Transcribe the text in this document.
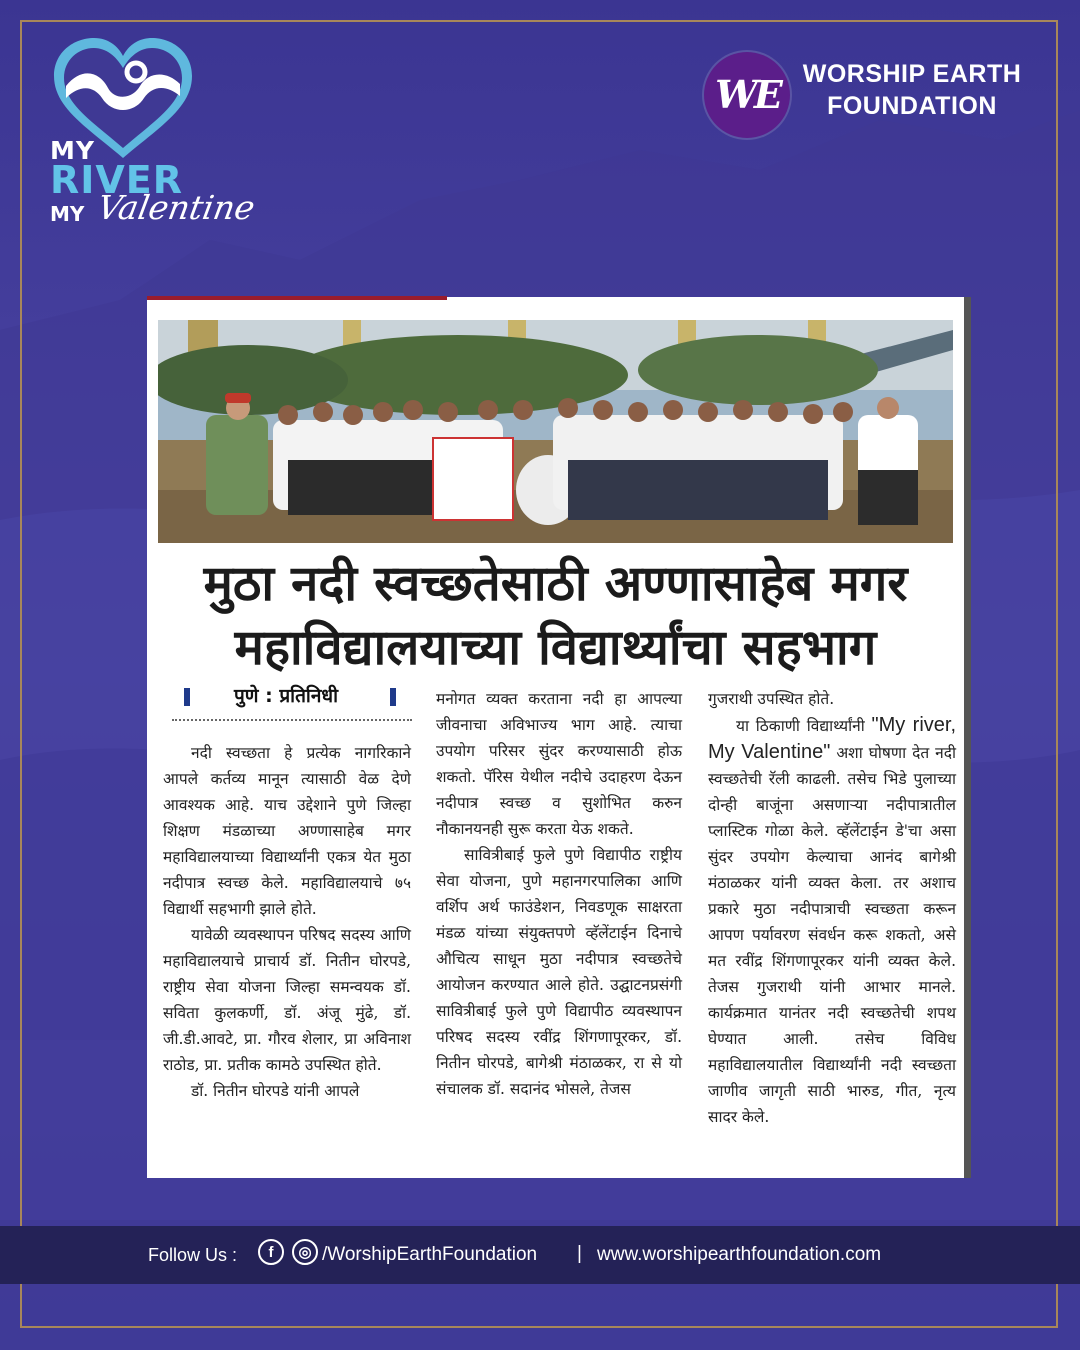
MY
RIVER
MY Valentine
WE WORSHIP EARTH
FOUNDATION
मुठा नदी स्वच्छतेसाठी अण्णासाहेब मगर
महाविद्यालयाच्या विद्यार्थ्यांचा सहभाग
पुणे : प्रतिनिधी

नदी स्वच्छता हे प्रत्येक नागरिकाने आपले कर्तव्य मानून त्यासाठी वेळ देणे आवश्यक आहे. याच उद्देशाने पुणे जिल्हा शिक्षण मंडळाच्या अण्णासाहेब मगर महाविद्यालयाच्या विद्यार्थ्यांनी एकत्र येत मुठा नदीपात्र स्वच्छ केले. महाविद्यालयाचे ७५ विद्यार्थी सहभागी झाले होते.

यावेळी व्यवस्थापन परिषद सदस्य आणि महाविद्यालयाचे प्राचार्य डॉ. नितीन घोरपडे, राष्ट्रीय सेवा योजना जिल्हा समन्वयक डॉ. सविता कुलकर्णी, डॉ. अंजू मुंढे, डॉ. जी.डी.आवटे, प्रा. गौरव शेलार, प्रा अविनाश राठोड, प्रा. प्रतीक कामठे उपस्थित होते.

डॉ. नितीन घोरपडे यांनी आपले

मनोगत व्यक्त करताना नदी हा आपल्या जीवनाचा अविभाज्य भाग आहे. त्याचा उपयोग परिसर सुंदर करण्यासाठी होऊ शकतो. पॅरिस येथील नदीचे उदाहरण देऊन नदीपात्र स्वच्छ व सुशोभित करुन नौकानयनही सुरू करता येऊ शकते.

सावित्रीबाई फुले पुणे विद्यापीठ राष्ट्रीय सेवा योजना, पुणे महानगरपालिका आणि वर्शिप अर्थ फाउंडेशन, निवडणूक साक्षरता मंडळ यांच्या संयुक्तपणे व्हॅलेंटाईन दिनाचे औचित्य साधून मुठा नदीपात्र स्वच्छतेचे आयोजन करण्यात आले होते. उद्घाटनप्रसंगी सावित्रीबाई फुले पुणे विद्यापीठ व्यवस्थापन परिषद सदस्य रवींद्र शिंगणापूरकर, डॉ. नितीन घोरपडे, बागेश्री मंठाळकर, रा से यो संचालक डॉ. सदानंद भोसले, तेजस

गुजराथी उपस्थित होते.

या ठिकाणी विद्यार्थ्यांनी "My river, My Valentine" अशा घोषणा देत नदी स्वच्छतेची रॅली काढली. तसेच भिडे पुलाच्या दोन्ही बाजूंना असणाऱ्या नदीपात्रातील प्लास्टिक गोळा केले. व्हॅलेंटाईन डे'चा असा सुंदर उपयोग केल्याचा आनंद बागेश्री मंठाळकर यांनी व्यक्त केला. तर अशाच प्रकारे मुठा नदीपात्राची स्वच्छता करून आपण पर्यावरण संवर्धन करू शकतो, असे मत रवींद्र शिंगणापूरकर यांनी व्यक्त केले. तेजस गुजराथी यांनी आभार मानले. कार्यक्रमात यानंतर नदी स्वच्छतेची शपथ घेण्यात आली. तसेच विविध महाविद्यालयातील विद्यार्थ्यांनी नदी स्वच्छता जाणीव जागृती साठी भारुड, गीत, नृत्य सादर केले.

Follow Us :	f	◎ /WorshipEarthFoundation | www.worshipearthfoundation.com
